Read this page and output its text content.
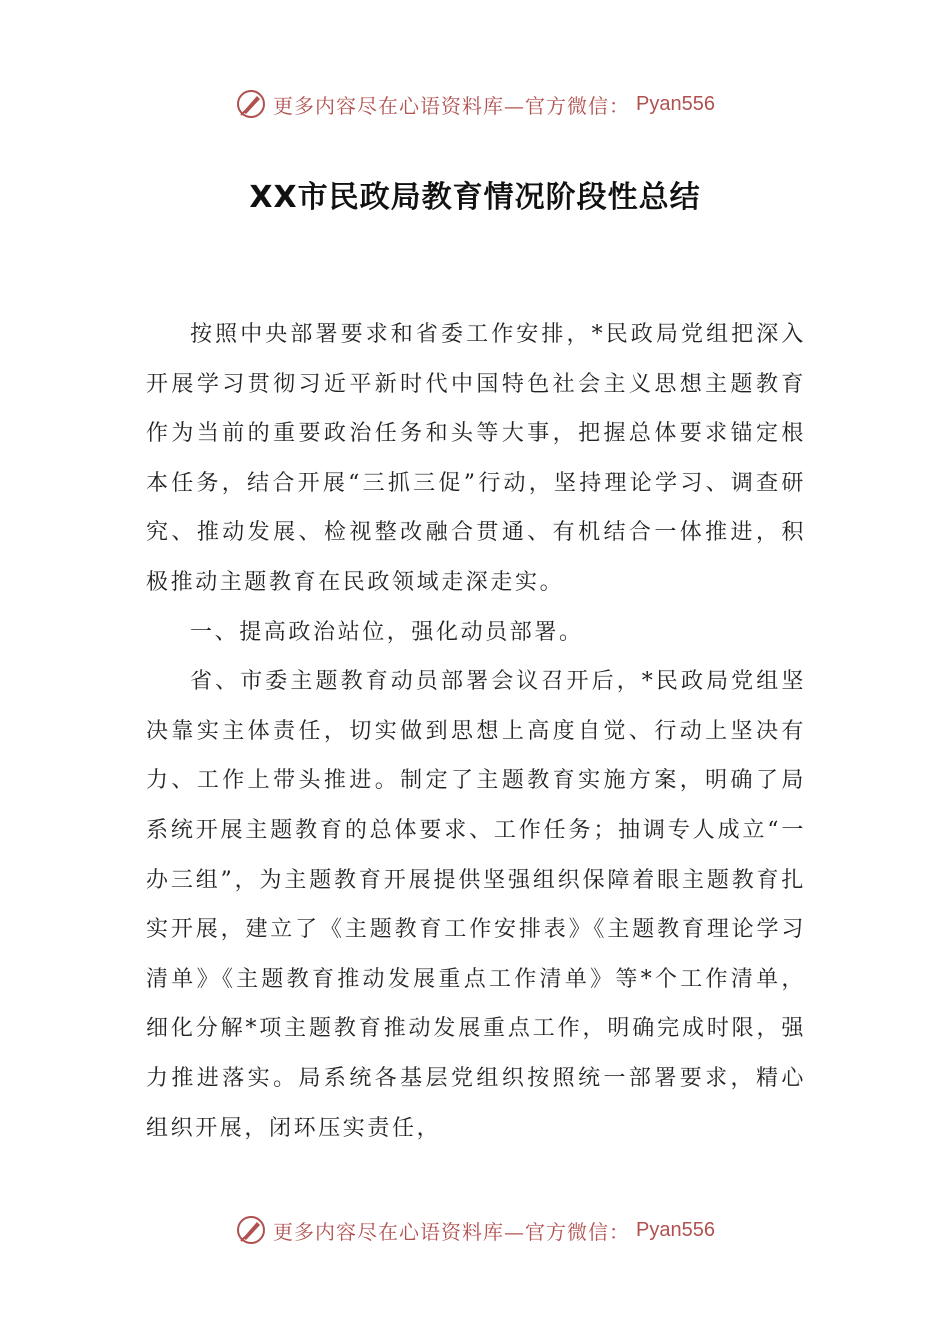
更多内容尽在心语资料库—官方微信： Pyan556
XX市民政局教育情况阶段性总结

按照中央部署要求和省委工作安排，*民政局党组把深入开展学习贯彻习近平新时代中国特色社会主义思想主题教育作为当前的重要政治任务和头等大事，把握总体要求锚定根本任务，结合开展“三抓三促”行动，坚持理论学习、调查研究、推动发展、检视整改融合贯通、有机结合一体推进，积极推动主题教育在民政领域走深走实。

一、提高政治站位，强化动员部署。

省、市委主题教育动员部署会议召开后，*民政局党组坚决靠实主体责任，切实做到思想上高度自觉、行动上坚决有力、工作上带头推进。制定了主题教育实施方案，明确了局系统开展主题教育的总体要求、工作任务；抽调专人成立“一办三组”，为主题教育开展提供坚强组织保障着眼主题教育扎实开展，建立了《主题教育工作安排表》《主题教育理论学习清单》《主题教育推动发展重点工作清单》等*个工作清单，细化分解*项主题教育推动发展重点工作，明确完成时限，强力推进落实。局系统各基层党组织按照统一部署要求，精心组织开展，闭环压实责任，

更多内容尽在心语资料库—官方微信： Pyan556
